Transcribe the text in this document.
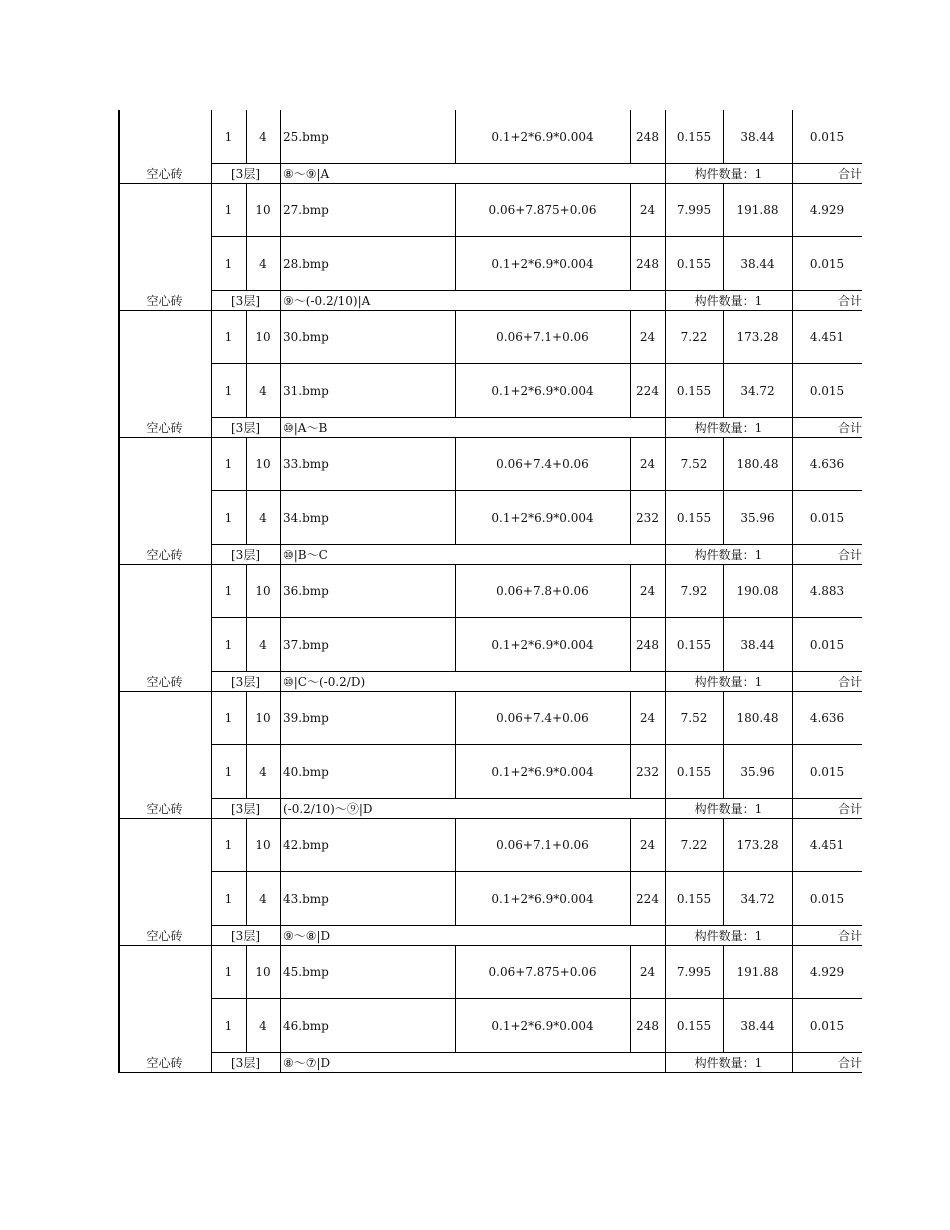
1	4	25.bmp	0.1+2*6.9*0.004	248	0.155	38.44	0.015
空心砖	[3层]	⑧～⑨|A	构件数量：1	合计
1	10	27.bmp	0.06+7.875+0.06	24	7.995	191.88	4.929
1	4	28.bmp	0.1+2*6.9*0.004	248	0.155	38.44	0.015
空心砖	[3层]	⑨～(-0.2/10)|A	构件数量：1	合计
1	10	30.bmp	0.06+7.1+0.06	24	7.22	173.28	4.451
1	4	31.bmp	0.1+2*6.9*0.004	224	0.155	34.72	0.015
空心砖	[3层]	⑩|A～B	构件数量：1	合计
1	10	33.bmp	0.06+7.4+0.06	24	7.52	180.48	4.636
1	4	34.bmp	0.1+2*6.9*0.004	232	0.155	35.96	0.015
空心砖	[3层]	⑩|B～C	构件数量：1	合计
1	10	36.bmp	0.06+7.8+0.06	24	7.92	190.08	4.883
1	4	37.bmp	0.1+2*6.9*0.004	248	0.155	38.44	0.015
空心砖	[3层]	⑩|C～(-0.2/D)	构件数量：1	合计
1	10	39.bmp	0.06+7.4+0.06	24	7.52	180.48	4.636
1	4	40.bmp	0.1+2*6.9*0.004	232	0.155	35.96	0.015
空心砖	[3层]	(-0.2/10)～⑨|D	构件数量：1	合计
1	10	42.bmp	0.06+7.1+0.06	24	7.22	173.28	4.451
1	4	43.bmp	0.1+2*6.9*0.004	224	0.155	34.72	0.015
空心砖	[3层]	⑨～⑧|D	构件数量：1	合计
1	10	45.bmp	0.06+7.875+0.06	24	7.995	191.88	4.929
1	4	46.bmp	0.1+2*6.9*0.004	248	0.155	38.44	0.015
空心砖	[3层]	⑧～⑦|D	构件数量：1	合计
